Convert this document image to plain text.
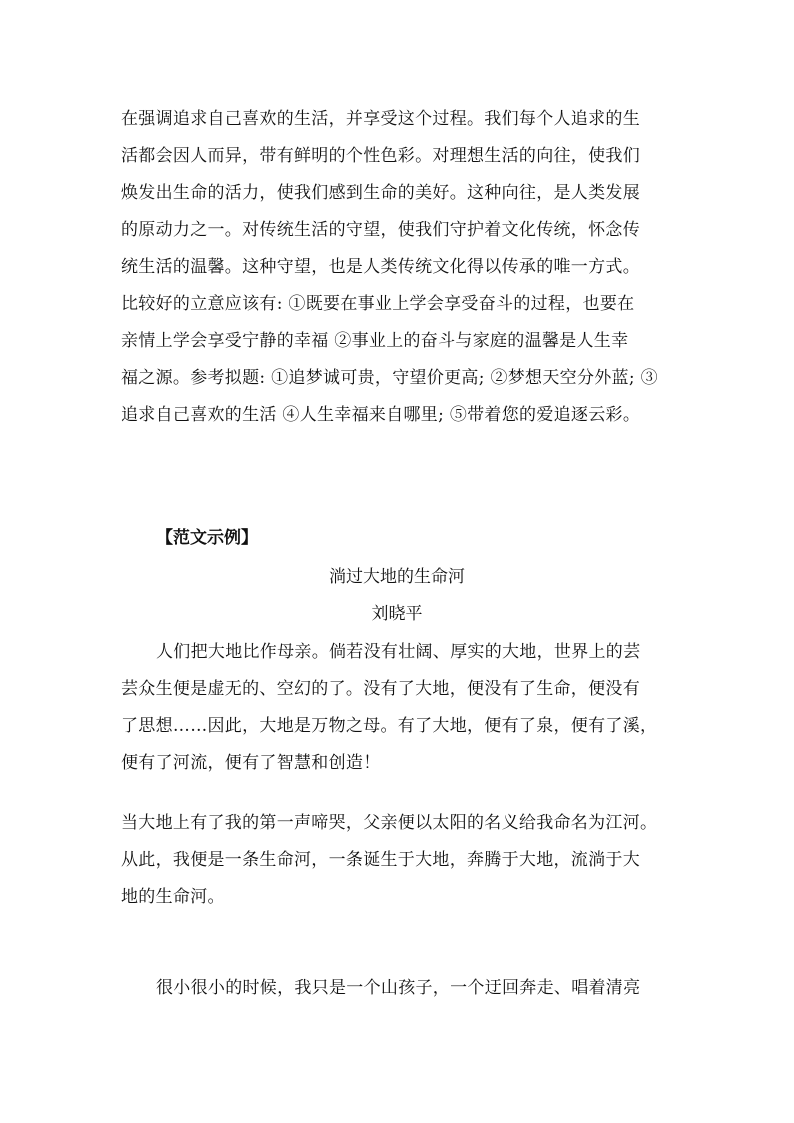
在强调追求自己喜欢的生活，并享受这个过程。我们每个人追求的生
活都会因人而异，带有鲜明的个性色彩。对理想生活的向往，使我们
焕发出生命的活力，使我们感到生命的美好。这种向往，是人类发展
的原动力之一。对传统生活的守望，使我们守护着文化传统，怀念传
统生活的温馨。这种守望，也是人类传统文化得以传承的唯一方式。
比较好的立意应该有: ①既要在事业上学会享受奋斗的过程，也要在
亲情上学会享受宁静的幸福 ②事业上的奋斗与家庭的温馨是人生幸
福之源。参考拟题: ①追梦诚可贵，守望价更高; ②梦想天空分外蓝; ③
追求自己喜欢的生活 ④人生幸福来自哪里; ⑤带着您的爱追逐云彩。
【范文示例】
淌过大地的生命河
刘晓平
人们把大地比作母亲。倘若没有壮阔、厚实的大地，世界上的芸
芸众生便是虚无的、空幻的了。没有了大地，便没有了生命，便没有
了思想……因此，大地是万物之母。有了大地，便有了泉，便有了溪，
便有了河流，便有了智慧和创造！
当大地上有了我的第一声啼哭，父亲便以太阳的名义给我命名为江河。
从此，我便是一条生命河，一条诞生于大地，奔腾于大地，流淌于大
地的生命河。
很小很小的时候，我只是一个山孩子，一个迂回奔走、唱着清亮
